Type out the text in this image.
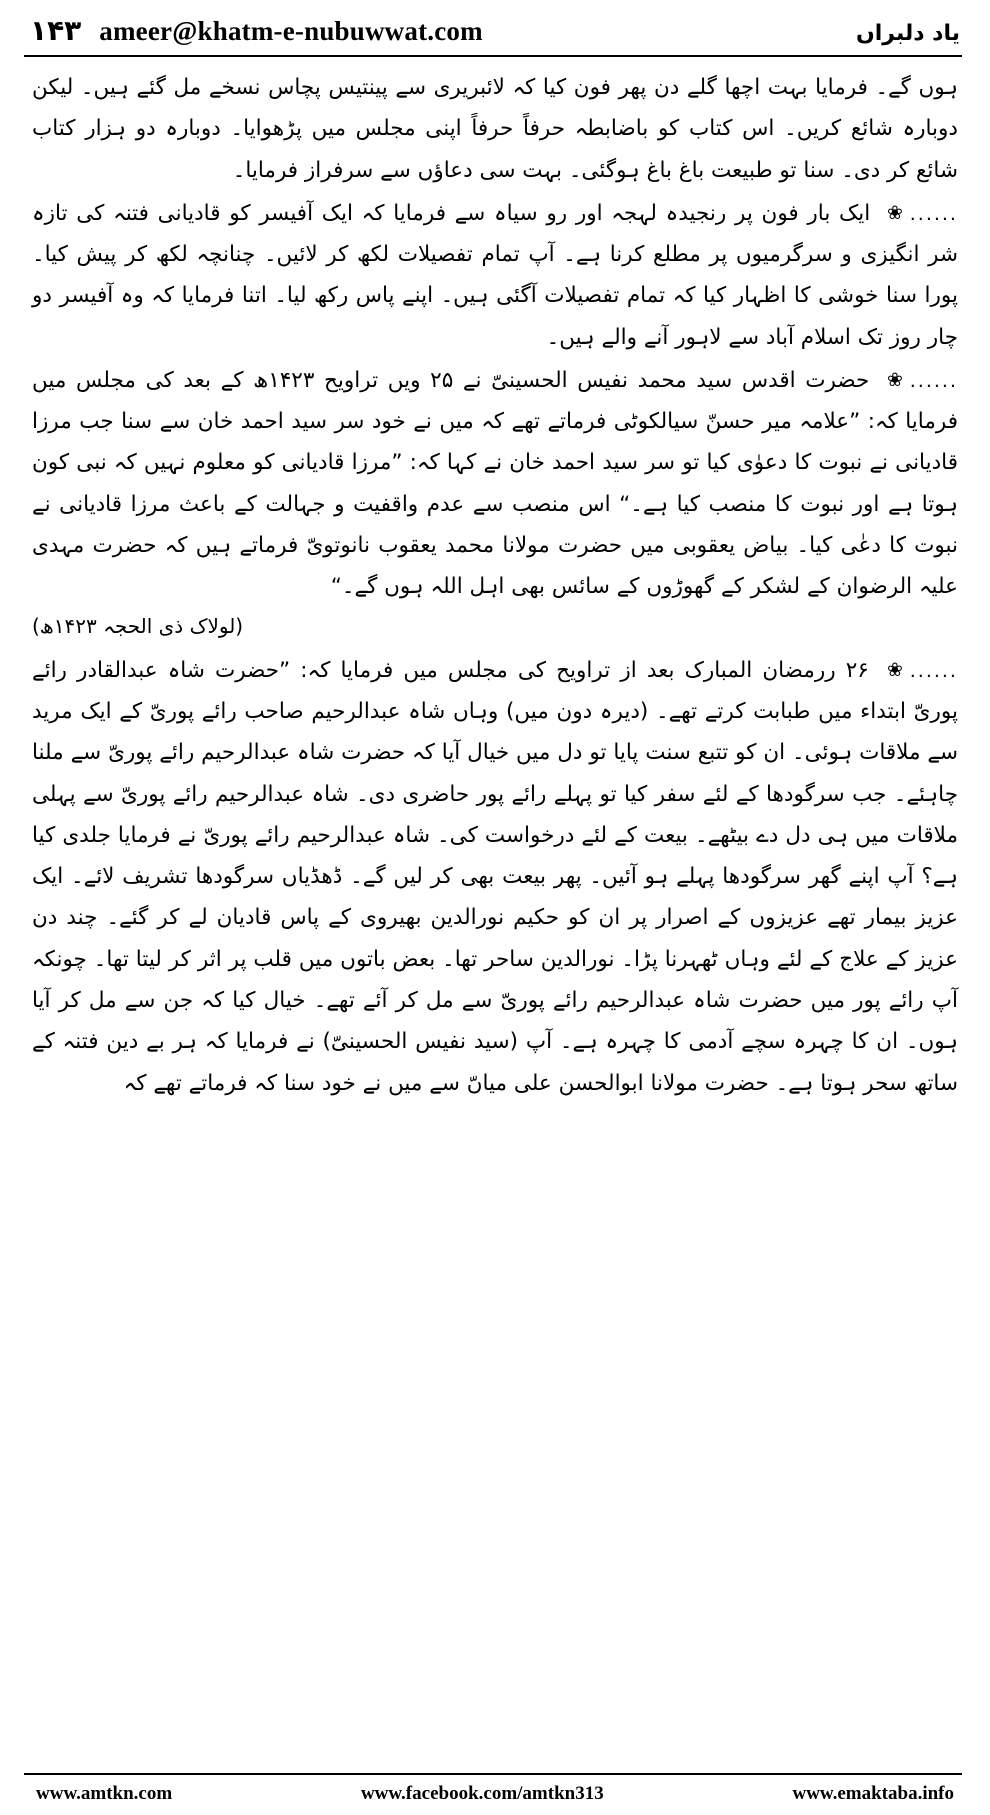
ameer@khatm-e-nubuwwat.com
۱۴۳	یاد دلبراں

ہوں گے۔ فرمایا بہت اچھا گلے دن پھر فون کیا کہ لائبریری سے پینتیس پچاس نسخے مل گئے ہیں۔ لیکن دوبارہ شائع کریں۔ اس کتاب کو باضابطہ حرفاً حرفاً اپنی مجلس میں پڑھوایا۔ دوبارہ دو ہزار کتاب شائع کر دی۔ سنا تو طبیعت باغ باغ ہوگئی۔ بہت سی دعاؤں سے سرفراز فرمایا۔

...... ❀ ایک بار فون پر رنجیدہ لہجہ اور رو سیاہ سے فرمایا کہ ایک آفیسر کو قادیانی فتنہ کی تازہ شر انگیزی و سرگرمیوں پر مطلع کرنا ہے۔ آپ تمام تفصیلات لکھ کر لائیں۔ چنانچہ لکھ کر پیش کیا۔ پورا سنا خوشی کا اظہار کیا کہ تمام تفصیلات آگئی ہیں۔ اپنے پاس رکھ لیا۔ اتنا فرمایا کہ وہ آفیسر دو چار روز تک اسلام آباد سے لاہور آنے والے ہیں۔

...... ❀ حضرت اقدس سید محمد نفیس الحسینیّ نے ۲۵ ویں تراویح ۱۴۲۳ھ کے بعد کی مجلس میں فرمایا کہ: ”علامہ میر حسنّ سیالکوٹی فرماتے تھے کہ میں نے خود سر سید احمد خان سے سنا جب مرزا قادیانی نے نبوت کا دعوٰی کیا تو سر سید احمد خان نے کہا کہ: ”مرزا قادیانی کو معلوم نہیں کہ نبی کون ہوتا ہے اور نبوت کا منصب کیا ہے۔“ اس منصب سے عدم واقفیت و جہالت کے باعث مرزا قادیانی نے نبوت کا دعٰی کیا۔ بیاض یعقوبی میں حضرت مولانا محمد یعقوب نانوتویّ فرماتے ہیں کہ حضرت مہدی علیہ الرضوان کے لشکر کے گھوڑوں کے سائس بھی اہل اللہ ہوں گے۔“

(لولاک ذی الحجہ ۱۴۲۳ھ)

...... ❀ ۲۶ ررمضان المبارک بعد از تراویح کی مجلس میں فرمایا کہ: ”حضرت شاہ عبدالقادر رائے پوریّ ابتداء میں طبابت کرتے تھے۔ (دیرہ دون میں) وہاں شاہ عبدالرحیم صاحب رائے پوریّ کے ایک مرید سے ملاقات ہوئی۔ ان کو تتبع سنت پایا تو دل میں خیال آیا کہ حضرت شاہ عبدالرحیم رائے پوریّ سے ملنا چاہئے۔ جب سرگودھا کے لئے سفر کیا تو پہلے رائے پور حاضری دی۔ شاہ عبدالرحیم رائے پوریّ سے پہلی ملاقات میں ہی دل دے بیٹھے۔ بیعت کے لئے درخواست کی۔ شاہ عبدالرحیم رائے پوریّ نے فرمایا جلدی کیا ہے؟ آپ اپنے گھر سرگودھا پہلے ہو آئیں۔ پھر بیعت بھی کر لیں گے۔ ڈھڈیاں سرگودھا تشریف لائے۔ ایک عزیز بیمار تھے عزیزوں کے اصرار پر ان کو حکیم نورالدین بھیروی کے پاس قادیان لے کر گئے۔ چند دن عزیز کے علاج کے لئے وہاں ٹھہرنا پڑا۔ نورالدین ساحر تھا۔ بعض باتوں میں قلب پر اثر کر لیتا تھا۔ چونکہ آپ رائے پور میں حضرت شاہ عبدالرحیم رائے پوریّ سے مل کر آئے تھے۔ خیال کیا کہ جن سے مل کر آیا ہوں۔ ان کا چہرہ سچے آدمی کا چہرہ ہے۔ آپ (سید نفیس الحسینیّ) نے فرمایا کہ ہر بے دین فتنہ کے ساتھ سحر ہوتا ہے۔ حضرت مولانا ابوالحسن علی میاںّ سے میں نے خود سنا کہ فرماتے تھے کہ

www.amtkn.com	www.facebook.com/amtkn313	www.emaktaba.info
